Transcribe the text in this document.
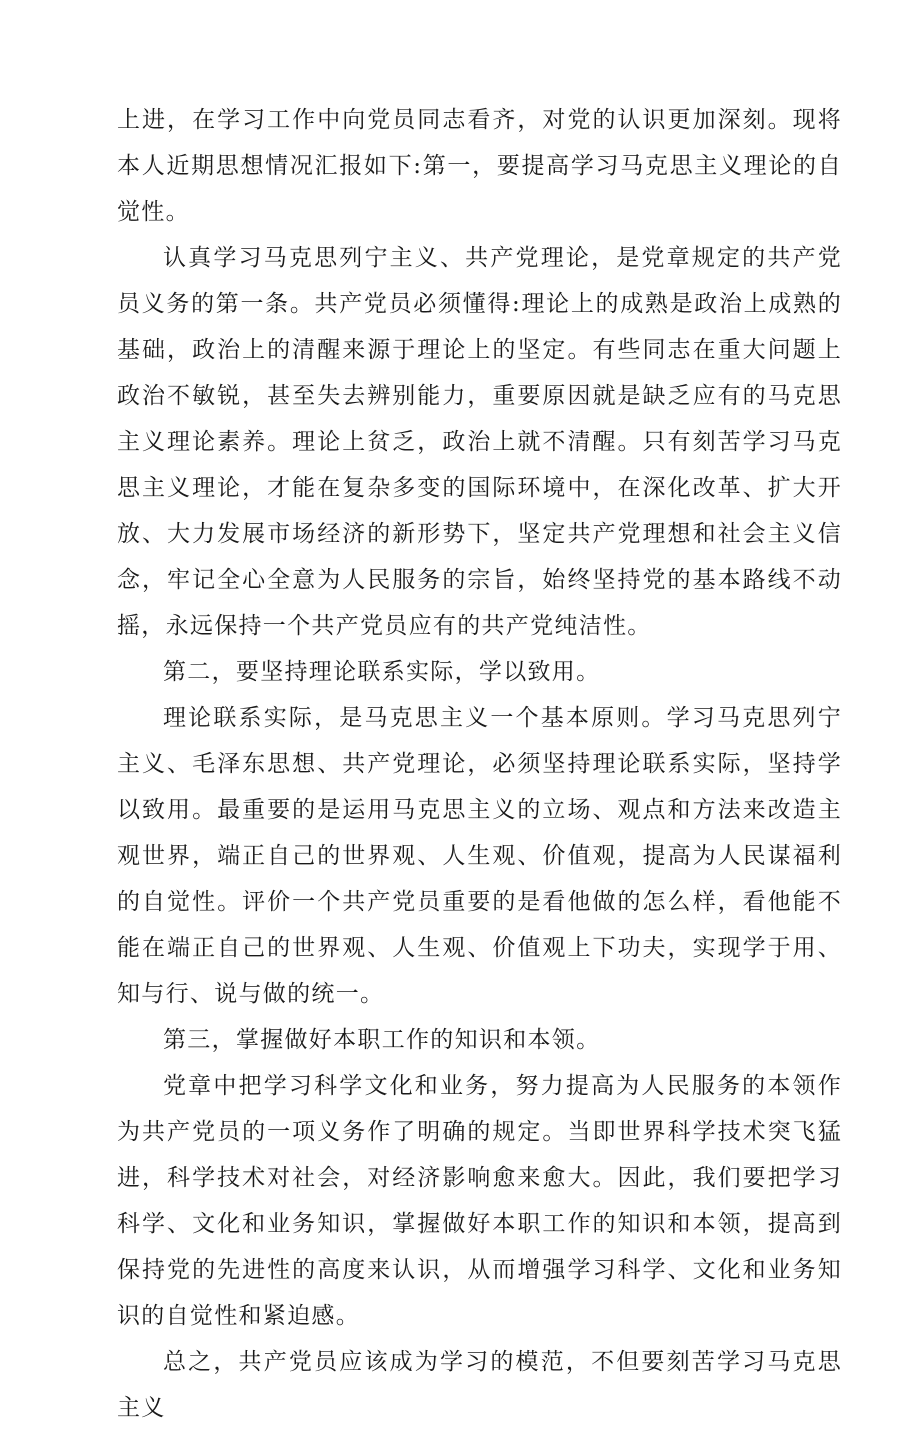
上进，在学习工作中向党员同志看齐，对党的认识更加深刻。现将本人近期思想情况汇报如下:第一，要提高学习马克思主义理论的自觉性。

认真学习马克思列宁主义、共产党理论，是党章规定的共产党员义务的第一条。共产党员必须懂得:理论上的成熟是政治上成熟的基础，政治上的清醒来源于理论上的坚定。有些同志在重大问题上政治不敏锐，甚至失去辨别能力，重要原因就是缺乏应有的马克思主义理论素养。理论上贫乏，政治上就不清醒。只有刻苦学习马克思主义理论，才能在复杂多变的国际环境中，在深化改革、扩大开放、大力发展市场经济的新形势下，坚定共产党理想和社会主义信念，牢记全心全意为人民服务的宗旨，始终坚持党的基本路线不动摇，永远保持一个共产党员应有的共产党纯洁性。

第二，要坚持理论联系实际，学以致用。

理论联系实际，是马克思主义一个基本原则。学习马克思列宁主义、毛泽东思想、共产党理论，必须坚持理论联系实际，坚持学以致用。最重要的是运用马克思主义的立场、观点和方法来改造主观世界，端正自己的世界观、人生观、价值观，提高为人民谋福利的自觉性。评价一个共产党员重要的是看他做的怎么样，看他能不能在端正自己的世界观、人生观、价值观上下功夫，实现学于用、知与行、说与做的统一。

第三，掌握做好本职工作的知识和本领。

党章中把学习科学文化和业务，努力提高为人民服务的本领作为共产党员的一项义务作了明确的规定。当即世界科学技术突飞猛进，科学技术对社会，对经济影响愈来愈大。因此，我们要把学习科学、文化和业务知识，掌握做好本职工作的知识和本领，提高到保持党的先进性的高度来认识，从而增强学习科学、文化和业务知识的自觉性和紧迫感。

总之，共产党员应该成为学习的模范，不但要刻苦学习马克思主义
